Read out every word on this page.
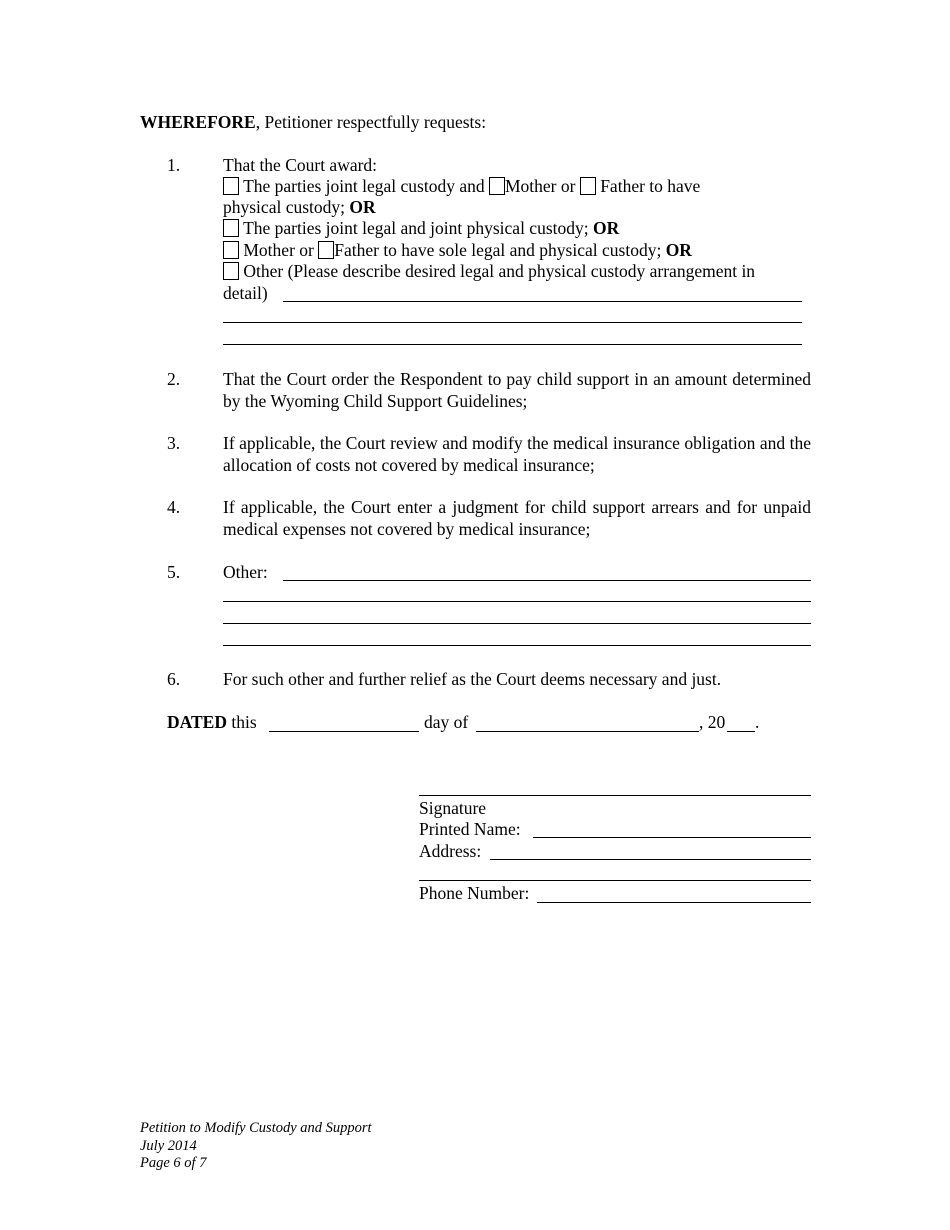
WHEREFORE, Petitioner respectfully requests:
1. That the Court award:
The parties joint legal custody and Mother or Father to have
physical custody; OR
The parties joint legal and joint physical custody; OR
Mother or Father to have sole legal and physical custody; OR
Other (Please describe desired legal and physical custody arrangement in
detail)
2. That the Court order the Respondent to pay child support in an amount determined by the Wyoming Child Support Guidelines;
3. If applicable, the Court review and modify the medical insurance obligation and the allocation of costs not covered by medical insurance;
4. If applicable, the Court enter a judgment for child support arrears and for unpaid medical expenses not covered by medical insurance;
5. Other:
6. For such other and further relief as the Court deems necessary and just.
DATED this	day of	, 20 .
Signature
Printed Name:
Address:
Phone Number:
Petition to Modify Custody and Support
July 2014
Page 6 of 7
